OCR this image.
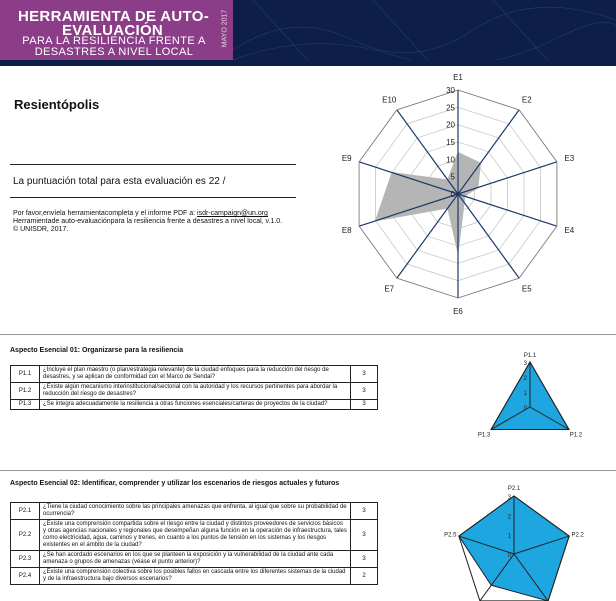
HERRAMIENTA DE AUTO-
EVALUACIÓN
PARA LA RESILIENCIA FRENTE A
DESASTRES A NIVEL LOCAL
MAYO 2017
Resientópolis
La puntuación total para esta evaluación es 22 /
Por favor,envíela herramientacompleta y el informe PDF a: isdr-campaign@un.org
Herramientade auto-evaluaciónpara la resiliencia frente a desastres a nivel local, v.1.0.
© UNISDR, 2017.
E1
E2
E3
E4
E5
E6
E7
E8
E9
E10
0
5
10
15
20
25
30
Aspecto Esencial 01: Organizarse para la resiliencia
P1.1	¿Incluye el plan maestro (o plan/estrategia relevante) de la ciudad enfoques para la reducción del riesgo de desastres, y se aplican de conformidad con el Marco de Sendai?	3
P1.2	¿Existe algún mecanismo interinstitucional/sectorial con la autoridad y los recursos pertinentes para abordar la reducción del riesgo de desastres?	3
P1.3	¿Se integra adecuadamente la resiliencia a otras funciones esenciales/carteras de proyectos de la ciudad?	3
P1.1
P1.2
P1.3
0
1
2
3
Aspecto Esencial 02: Identificar, comprender y utilizar los escenarios de riesgos actuales y futuros
P2.1	¿Tiene la ciudad conocimiento sobre las principales amenazas que enfrenta, al igual que sobre su probabilidad de ocurrencia?	3
P2.2	¿Existe una comprensión compartida sobre el riesgo entre la ciudad y distintos proveedores de servicios básicos y otras agencias nacionales y regionales que desempeñan alguna función en la operación de infraestructura, tales como electricidad, agua, caminos y trenes, en cuanto a los puntos de tensión en los sistemas y los riesgos existentes en el ámbito de la ciudad?	3
P2.3	¿Se han acordado escenarios en los que se planteen la exposición y la vulnerabilidad de la ciudad ante cada amenaza o grupos de amenazas (véase el punto anterior)?	3
P2.4	¿Existe una comprensión colectiva sobre los posibles fallos en cascada entre los diferentes sistemas de la ciudad y de la infraestructura bajo diversos escenarios?	2
P2.1
P2.2
P2.5
0
1
2
3
